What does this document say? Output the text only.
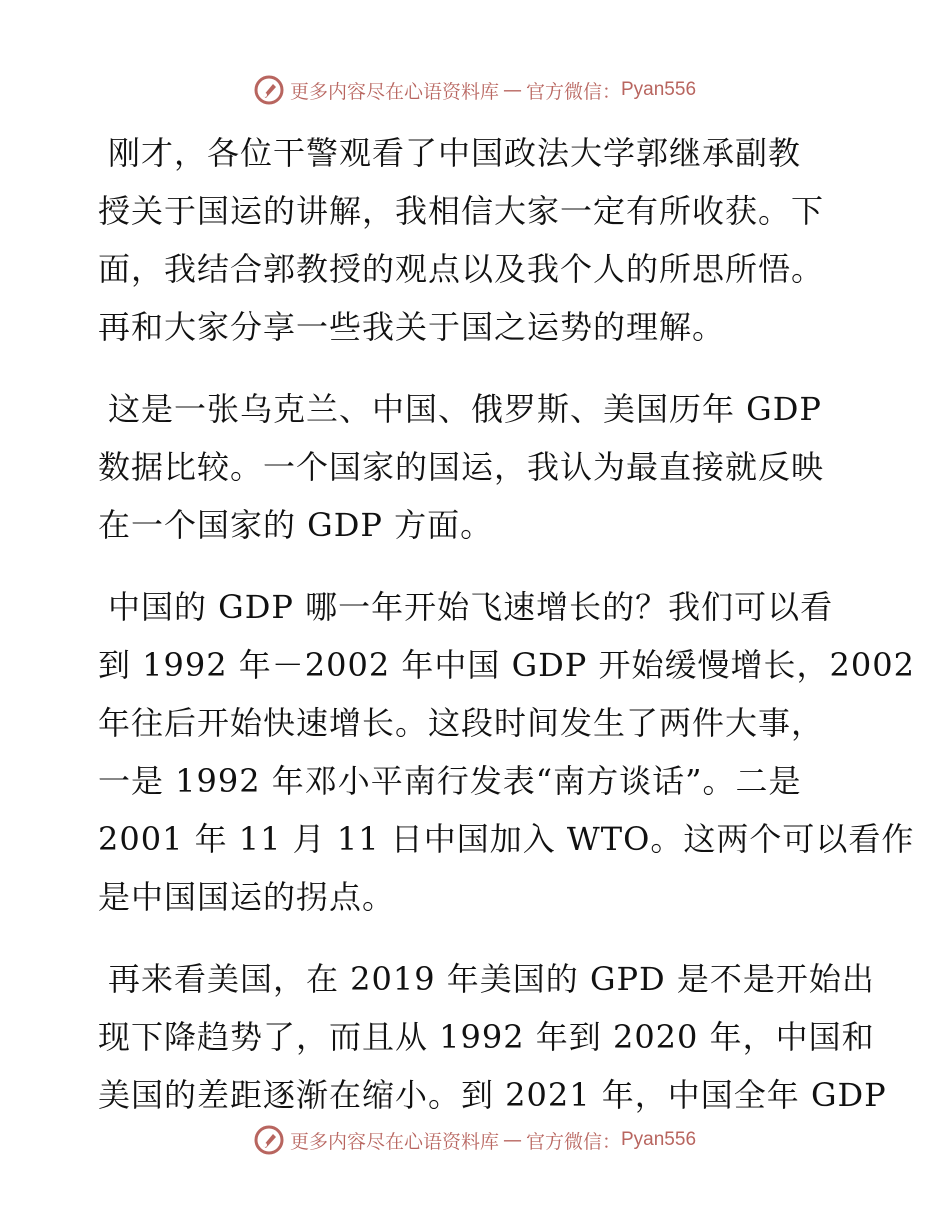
更多内容尽在心语资料库 — 官方微信： Pyan556

刚才，各位干警观看了中国政法大学郭继承副教
授关于国运的讲解，我相信大家一定有所收获。下
面，我结合郭教授的观点以及我个人的所思所悟。
再和大家分享一些我关于国之运势的理解。

这是一张乌克兰、中国、俄罗斯、美国历年 GDP
数据比较。一个国家的国运，我认为最直接就反映
在一个国家的 GDP 方面。

中国的 GDP 哪一年开始飞速增长的？我们可以看
到 1992 年－2002 年中国 GDP 开始缓慢增长，2002
年往后开始快速增长。这段时间发生了两件大事，
一是 1992 年邓小平南行发表“南方谈话”。二是
2001 年 11 月 11 日中国加入 WTO。这两个可以看作
是中国国运的拐点。

再来看美国，在 2019 年美国的 GPD 是不是开始出
现下降趋势了，而且从 1992 年到 2020 年，中国和
美国的差距逐渐在缩小。到 2021 年，中国全年 GDP

更多内容尽在心语资料库 — 官方微信： Pyan556
